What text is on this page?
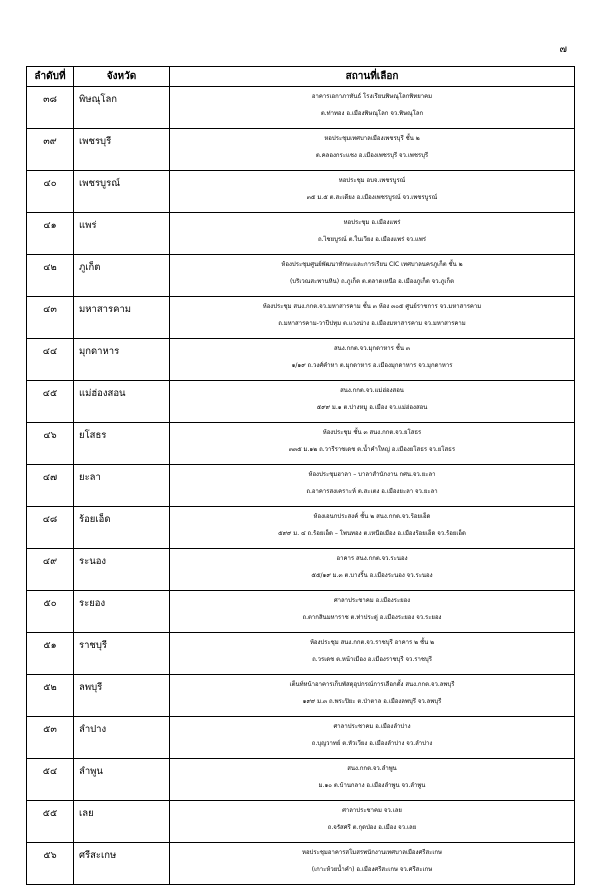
๗
ลำดับที่	จังหวัด	สถานที่เลือก
๓๘	พิษณุโลก	อาคารเอกาภาทันธ์ โรงเรียนพิษณุโลกพิทยาคม
ต.ท่าทอง อ.เมืองพิษณุโลก จว.พิษณุโลก

๓๙	เพชรบุรี	หอประชุมเทศบาลเมืองเพชรบุรี ชั้น ๒
ต.คลองกระแชง อ.เมืองเพชรบุรี จว.เพชรบุรี

๔๐	เพชรบูรณ์	หอประชุม อบจ.เพชรบูรณ์
๓๕ ม.๕ ต.สะเดียง อ.เมืองเพชรบูรณ์ จว.เพชรบูรณ์

๔๑	แพร่	หอประชุม อ.เมืองแพร่
ถ.ไชยบูรณ์ ต.ในเวียง อ.เมืองแพร่ จว.แพร่

๔๒	ภูเก็ต	ห้องประชุมศูนย์พัฒนาทักษะและการเรียน CIC เทศบาลนครภูเก็ต ชั้น ๒
(บริเวณสะพานหิน) ถ.ภูเก็ต ต.ตลาดเหนือ อ.เมืองภูเก็ต จว.ภูเก็ต

๔๓	มหาสารคาม	ห้องประชุม สนง.กกต.จว.มหาสารคาม ชั้น ๓ ห้อง ๓๐๕ ศูนย์ราชการ จว.มหาสารคาม
ถ.มหาสารคาม-วาปีปทุม ต.แวงน่าง อ.เมืองมหาสารคาม จว.มหาสารคาม

๔๔	มุกดาหาร	สนง.กกต.จว.มุกดาหาร ชั้น ๓
๑/๑๙ ถ.วงศ์คำหา ต.มุกดาหาร อ.เมืองมุกดาหาร จว.มุกดาหาร

๔๕	แม่ฮ่องสอน	สนง.กกต.จว.แม่ฮ่องสอน
๕๙๙ ม.๑ ต.ปางหมู อ.เมือง จว.แม่ฮ่องสอน

๔๖	ยโสธร	ห้องประชุม ชั้น ๓ สนง.กกต.จว.ยโสธร
๓๓๕ ม.๑๒ ถ.วารีราชเดช ต.น้ำคำใหญ่ อ.เมืองยโสธร จว.ยโสธร

๔๗	ยะลา	ห้องประชุมฮาลา – บาลาสำนักงาน กศน.จว.ยะลา
ถ.อาคารสงเคราะห์ ต.สะเตง อ.เมืองยะลา จว.ยะลา

๔๘	ร้อยเอ็ด	ห้องเอนกประสงค์ ชั้น ๒ สนง.กกต.จว.ร้อยเอ็ด
๕๙๙ ม. ๔ ถ.ร้อยเอ็ด – โพนทอง ต.เหนือเมือง อ.เมืองร้อยเอ็ด จว.ร้อยเอ็ด

๔๙	ระนอง	อาคาร สนง.กกต.จว.ระนอง
๕๕/๑๙ ม.๓ ต.บางริ้น อ.เมืองระนอง จว.ระนอง

๕๐	ระยอง	ศาลาประชาคม อ.เมืองระยอง
ถ.ตากสินมหาราช ต.ท่าประดู่ อ.เมืองระยอง จว.ระยอง

๕๑	ราชบุรี	ห้องประชุม สนง.กกต.จว.ราชบุรี อาคาร ๒ ชั้น ๒
ถ.วรเดช ต.หน้าเมือง อ.เมืองราชบุรี จว.ราชบุรี

๕๒	ลพบุรี	เต็นท์หน้าอาคารเก็บพัสดุอุปกรณ์การเลือกตั้ง สนง.กกต.จว.ลพบุรี
๑๙๙ ม.๓ ถ.พระปิยะ ต.ป่าตาล อ.เมืองลพบุรี จว.ลพบุรี

๕๓	ลำปาง	ศาลาประชาคม อ.เมืองลำปาง
ถ.บุญวาทย์ ต.หัวเวียง อ.เมืองลำปาง จว.ลำปาง

๕๔	ลำพูน	สนง.กกต.จว.ลำพูน
ม.๑๐ ต.บ้านกลาง อ.เมืองลำพูน จว.ลำพูน

๕๕	เลย	ศาลาประชาคม จว.เลย
ถ.จรัสศรี ต.กุดป่อง อ.เมือง จว.เลย

๕๖	ศรีสะเกษ	หอประชุมอาคารสโมสรพนักงานเทศบาลเมืองศรีสะเกษ
(เกาะห้วยน้ำคำ) อ.เมืองศรีสะเกษ จว.ศรีสะเกษ
